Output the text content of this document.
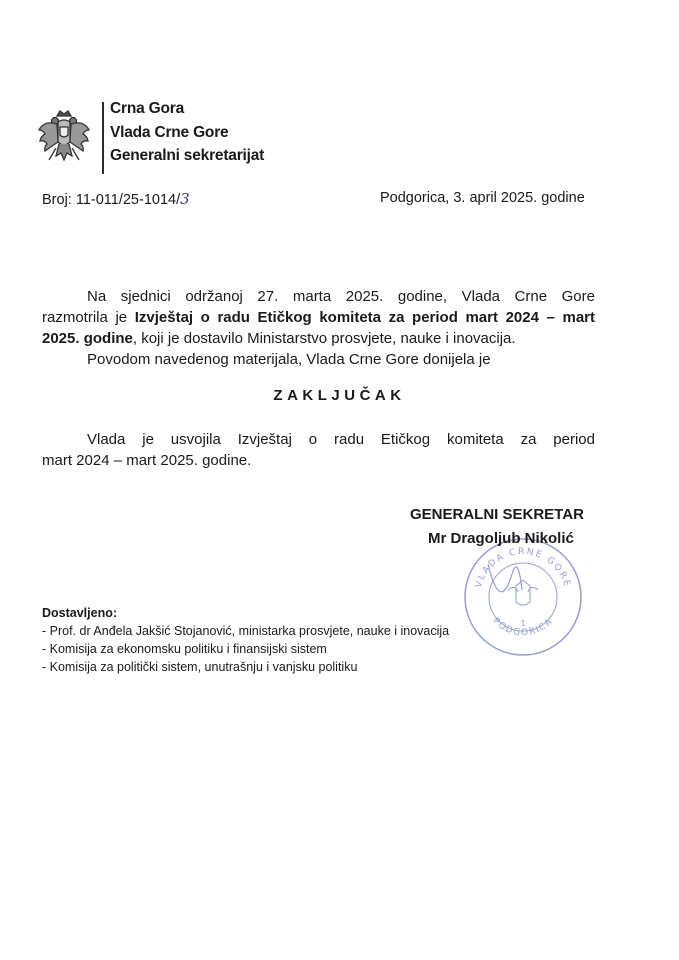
Crna Gora
Vlada Crne Gore
Generalni sekretarijat
Broj: 11-011/25-1014/3	Podgorica, 3. april 2025. godine
Na sjednici održanoj 27. marta 2025. godine, Vlada Crne Gore
razmotrila je Izvještaj o radu Etičkog komiteta za period mart 2024 – mart
2025. godine, koji je dostavilo Ministarstvo prosvjete, nauke i inovacija.
Povodom navedenog materijala, Vlada Crne Gore donijela je
ZAKLJUČAK
Vlada je usvojila Izvještaj o radu Etičkog komiteta za period
mart 2024 – mart 2025. godine.
VLADA CRNE GORE
PODGORICA
1
GENERALNI SEKRETAR
Mr Dragoljub Nikolić
Dostavljeno:
- Prof. dr Anđela Jakšić Stojanović, ministarka prosvjete, nauke i inovacija
- Komisija za ekonomsku politiku i finansijski sistem
- Komisija za politički sistem, unutrašnju i vanjsku politiku
